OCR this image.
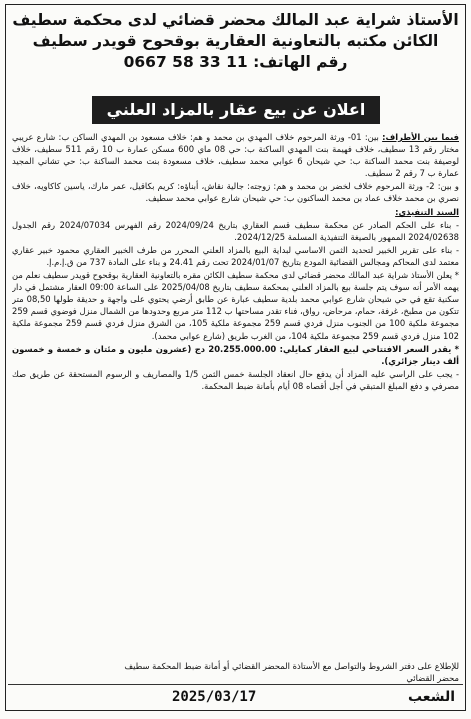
الأستاذ شراية عبد المالك محضر قضائي لدى محكمة سطيف
الكائن مكتبه بالتعاونية العقارية بوقحوح قويدر سطيف
رقم الهاتف: 11 33 58 0667
اعلان عن بيع عقار بالمزاد العلني

فيما بين الأطراف: بين: 01- ورثة المرحوم خلاف المهدي بن محمد و هم: خلاف مسعود بن المهدي الساكن ب: شارع عريبي مختار رقم 13 سطيف، خلاف فهيمة بنت المهدي الساكنة ب: حي 08 ماي 600 مسكن عمارة ب 10 رقم 511 سطيف، خلاف لوصيفة بنت محمد الساكنة ب: حي شيحان 6 عوابي محمد سطيف، خلاف مسعودة بنت محمد الساكنة ب: حي تشاني المجيد عمارة ب 7 رقم 2 سطيف.

و بين: 2- ورثة المرحوم خلاف لخضر بن محمد و هم: زوجته: جالية نقاش، أبناؤه: كريم بكاقيل، عمر مارك، ياسين كاكاويه، خلاف نصري بن محمد خلاف عماد بن محمد الساكنون ب: حي شيحان شارع عوابي محمد سطيف.

السند التنفيذي:

- بناء على الحكم الصادر عن محكمة سطيف قسم العقاري بتاريخ 2024/09/24 رقم الفهرس 2024/07034 رقم الجدول 2024/02638 الممهور بالصيغة التنفيذية المسلمة 2024/12/25.

- بناء على تقرير الخبير لتحديد الثمن الاساسي لبداية البيع بالمزاد العلني المحرر من طرف الخبير العقاري محمود خبير عقاري معتمد لدى المحاكم ومجالس القضائية المودع بتاريخ 2024/01/07 تحت رقم 24.41 و بناء على المادة 737 من ق.إ.م.إ.

* يعلن الأستاذ شراية عبد المالك محضر قضائي لدى محكمة سطيف الكائن مقره بالتعاونية العقارية بوقحوح قويدر سطيف نعلم من يهمه الأمر أنه سوف يتم جلسة بيع بالمزاد العلني بمحكمة سطيف بتاريخ 2025/04/08 على الساعة 09:00 العقار مشتمل في دار سكنية تقع في حي شيحان شارع عوابي محمد بلدية سطيف عبارة عن طابق أرضي يحتوي على واجهة و حديقة طولها 08,50 متر تتكون من مطبخ، غرفة، حمام، مرحاض، رواق، فناء تقدر مساحتها ب 112 متر مربع وحدودها من الشمال منزل فوضوي قسم 259 مجموعة ملكية 100 من الجنوب منزل فردي قسم 259 مجموعة ملكية 105، من الشرق منزل فردي قسم 259 مجموعة ملكية 102 منزل فردي قسم 259 مجموعة ملكية 104، من الغرب طريق (شارع عوابي محمد).

* يقدر السعر الافتتاحي لبيع العقار كمايلي: 20.255.000.00 دج (عشرون مليون و مئتان و خمسة و خمسون ألف دينار جزائري).

- يجب على الراسي عليه المزاد أن يدفع حال انعقاد الجلسة خمس الثمن 1/5 والمصاريف و الرسوم المستحقة عن طريق صك مصرفي و دفع المبلغ المتبقي في أجل أقصاه 08 أيام بأمانة ضبط المحكمة.

للإطلاع على دفتر الشروط والتواصل مع الأستاذة المحضر القضائي أو أمانة ضبط المحكمة سطيف
محضر القضائي
الشعب
2025/03/17
